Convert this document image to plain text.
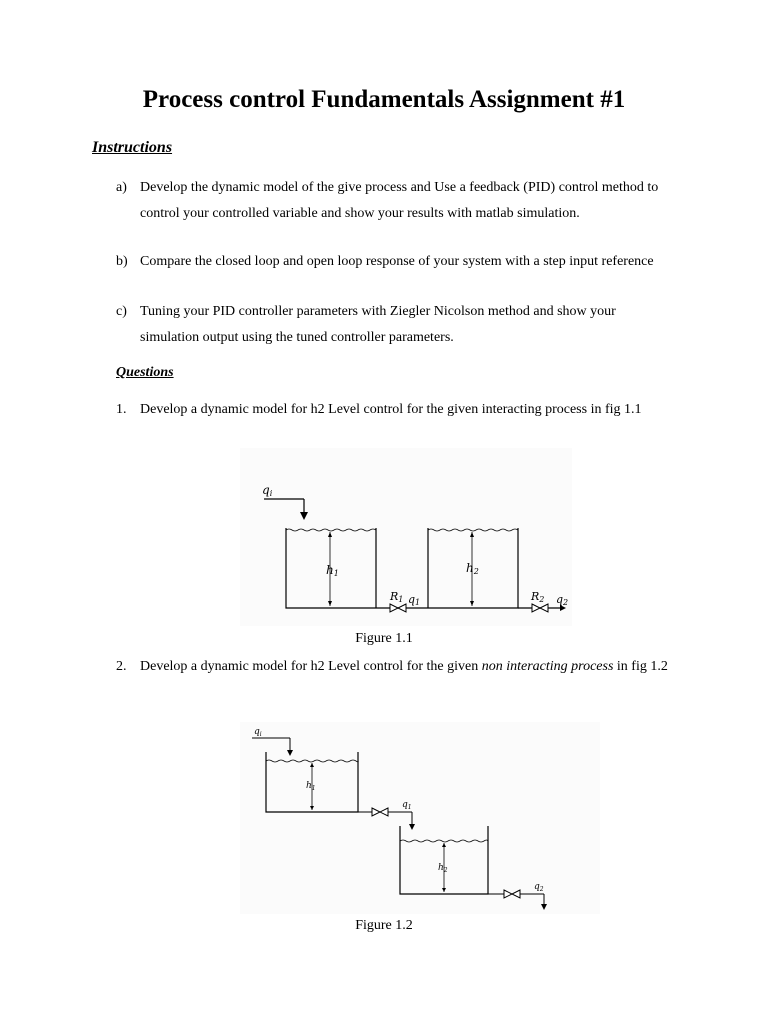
Process control Fundamentals Assignment #1
Instructions
a) Develop the dynamic model of the give process and Use a feedback (PID) control method to control your controlled variable and show your results with matlab simulation.
b) Compare the closed loop and open loop response of your system with a step input reference
c) Tuning your PID controller parameters with Ziegler Nicolson method and show your simulation output using the tuned controller parameters.
Questions
1. Develop a dynamic model for h2 Level control for the given interacting process in fig 1.1
qi
h1
R1 q1
h2
R2 q2
Figure 1.1
2. Develop a dynamic model for h2 Level control for the given non interacting process in fig 1.2
$q_i$
$h_1$
$q_1$
$h_2$
$q_2$
Figure 1.2
